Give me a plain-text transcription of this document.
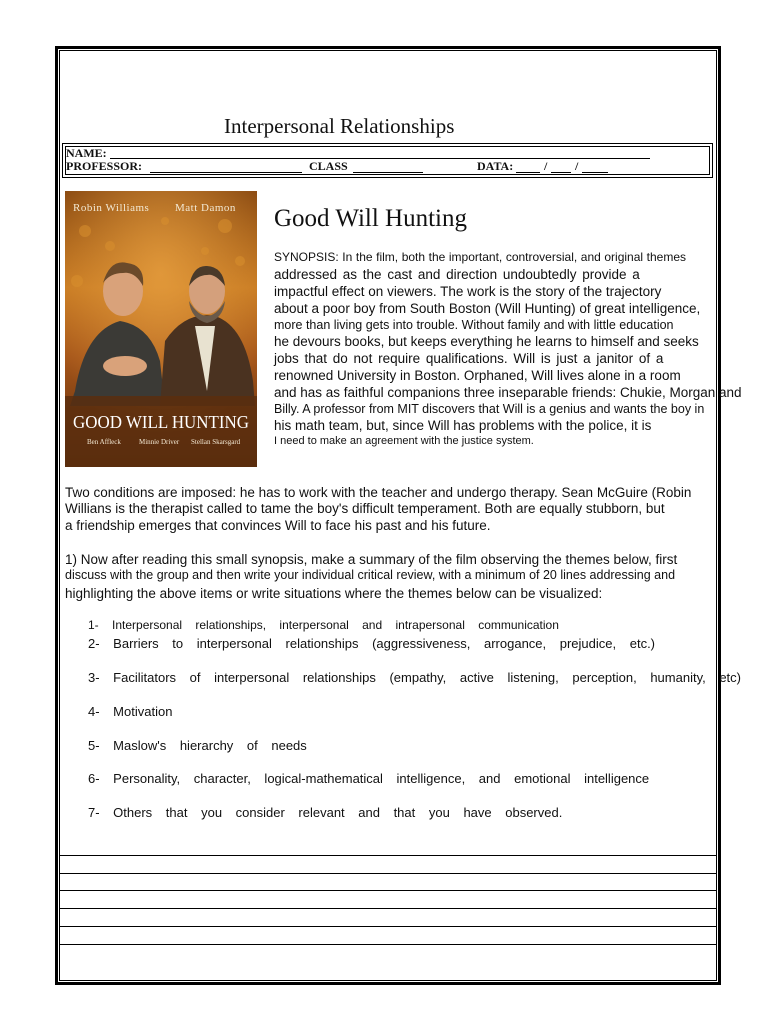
Interpersonal Relationships
NAME:
PROFESSOR:	CLASS	DATA:	/ /
Robin Williams Matt Damon
GOOD WILL HUNTING
Ben Affleck	Minnie Driver Stellan Skarsgard
Good Will Hunting
SYNOPSIS: In the film, both the important, controversial, and original themes
addressed as the cast and direction undoubtedly provide a
impactful effect on viewers. The work is the story of the trajectory
about a poor boy from South Boston (Will Hunting) of great intelligence,
more than living gets into trouble. Without family and with little education
he devours books, but keeps everything he learns to himself and seeks
jobs that do not require qualifications. Will is just a janitor of a
renowned University in Boston. Orphaned, Will lives alone in a room
and has as faithful companions three inseparable friends: Chukie, Morgan and
Billy. A professor from MIT discovers that Will is a genius and wants the boy in
his math team, but, since Will has problems with the police, it is
I need to make an agreement with the justice system.
Two conditions are imposed: he has to work with the teacher and undergo therapy. Sean McGuire (Robin
Willians is the therapist called to tame the boy's difficult temperament. Both are equally stubborn, but
a friendship emerges that convinces Will to face his past and his future.
1) Now after reading this small synopsis, make a summary of the film observing the themes below, first
discuss with the group and then write your individual critical review, with a minimum of 20 lines addressing and
highlighting the above items or write situations where the themes below can be visualized:
1- Interpersonal relationships, interpersonal and intrapersonal communication
2- Barriers to interpersonal relationships (aggressiveness, arrogance, prejudice, etc.)
3- Facilitators of interpersonal relationships (empathy, active listening, perception, humanity, etc)
4- Motivation
5- Maslow's hierarchy of needs
6- Personality, character, logical-mathematical intelligence, and emotional intelligence
7- Others that you consider relevant and that you have observed.
